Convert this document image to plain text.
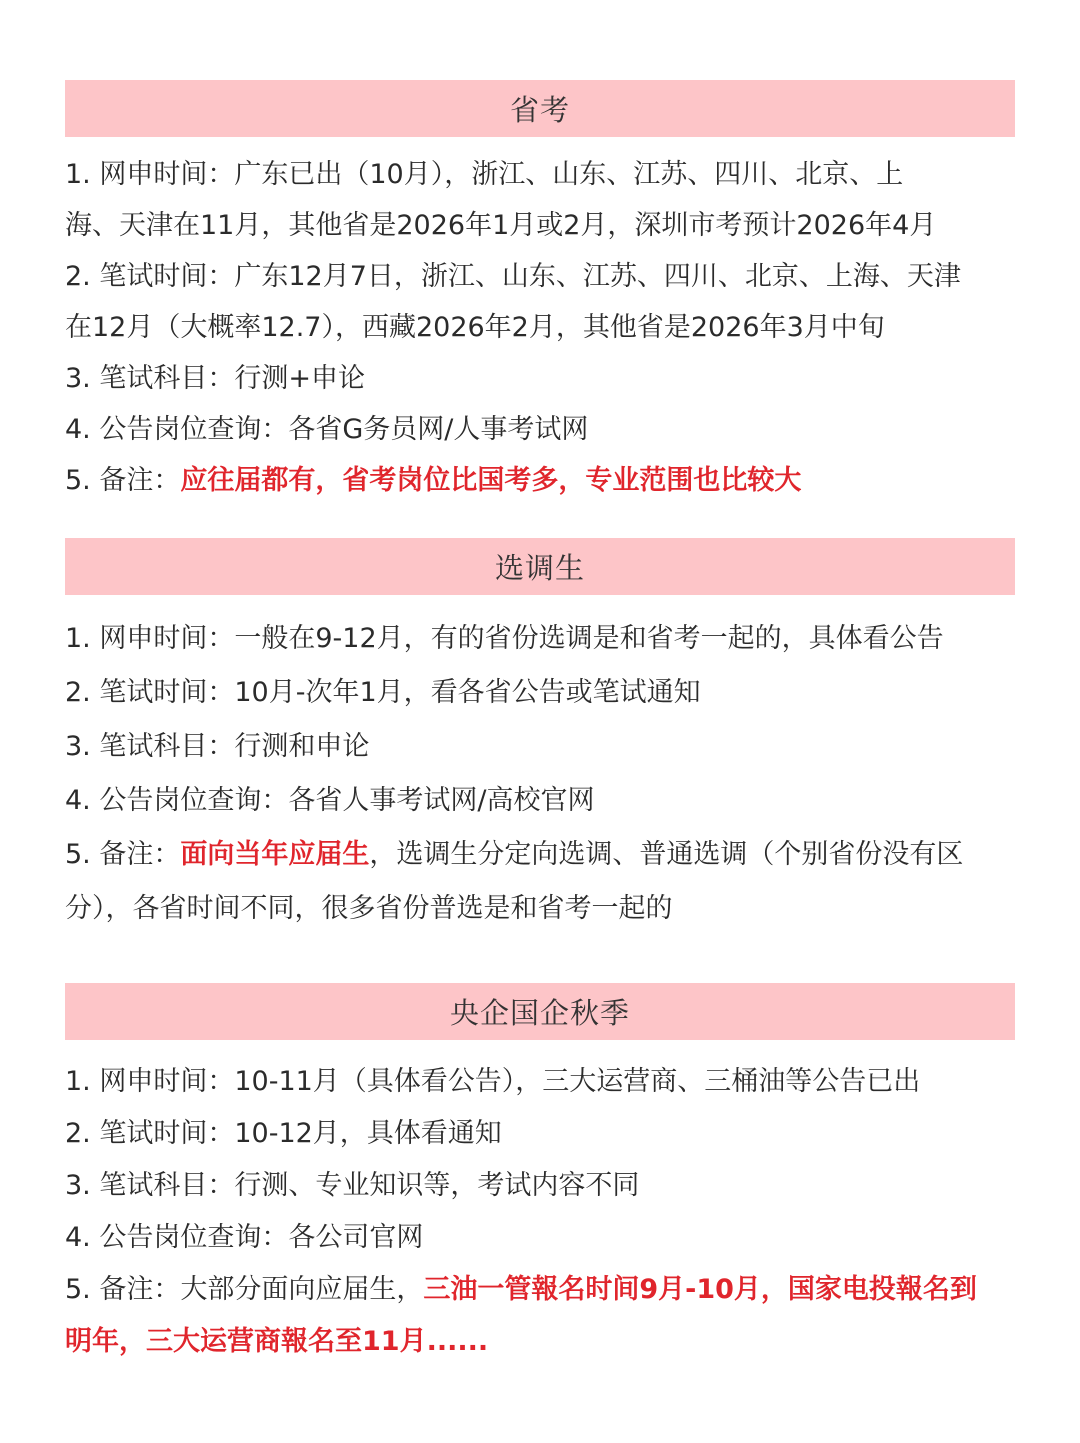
省考

1. 网申时间：广东已出（10月），浙江、山东、江苏、四川、北京、上

海、天津在11月，其他省是2026年1月或2月，深圳市考预计2026年4月

2. 笔试时间：广东12月7日，浙江、山东、江苏、四川、北京、上海、天津

在12月（大概率12.7），西藏2026年2月，其他省是2026年3月中旬

3. 笔试科目：行测+申论

4. 公告岗位查询：各省G务员网/人事考试网

5. 备注：应往届都有，省考岗位比国考多，专业范围也比较大

选调生

1. 网申时间：一般在9-12月，有的省份选调是和省考一起的，具体看公告

2. 笔试时间：10月-次年1月，看各省公告或笔试通知

3. 笔试科目：行测和申论

4. 公告岗位查询：各省人事考试网/高校官网

5. 备注：面向当年应届生，选调生分定向选调、普通选调（个别省份没有区

分），各省时间不同，很多省份普选是和省考一起的

央企国企秋季

1. 网申时间：10-11月（具体看公告），三大运营商、三桶油等公告已出

2. 笔试时间：10-12月，具体看通知

3. 笔试科目：行测、专业知识等，考试内容不同

4. 公告岗位查询：各公司官网

5. 备注：大部分面向应届生，三油一管報名时间9月-10月，国家电投報名到

明年，三大运营商報名至11月......
